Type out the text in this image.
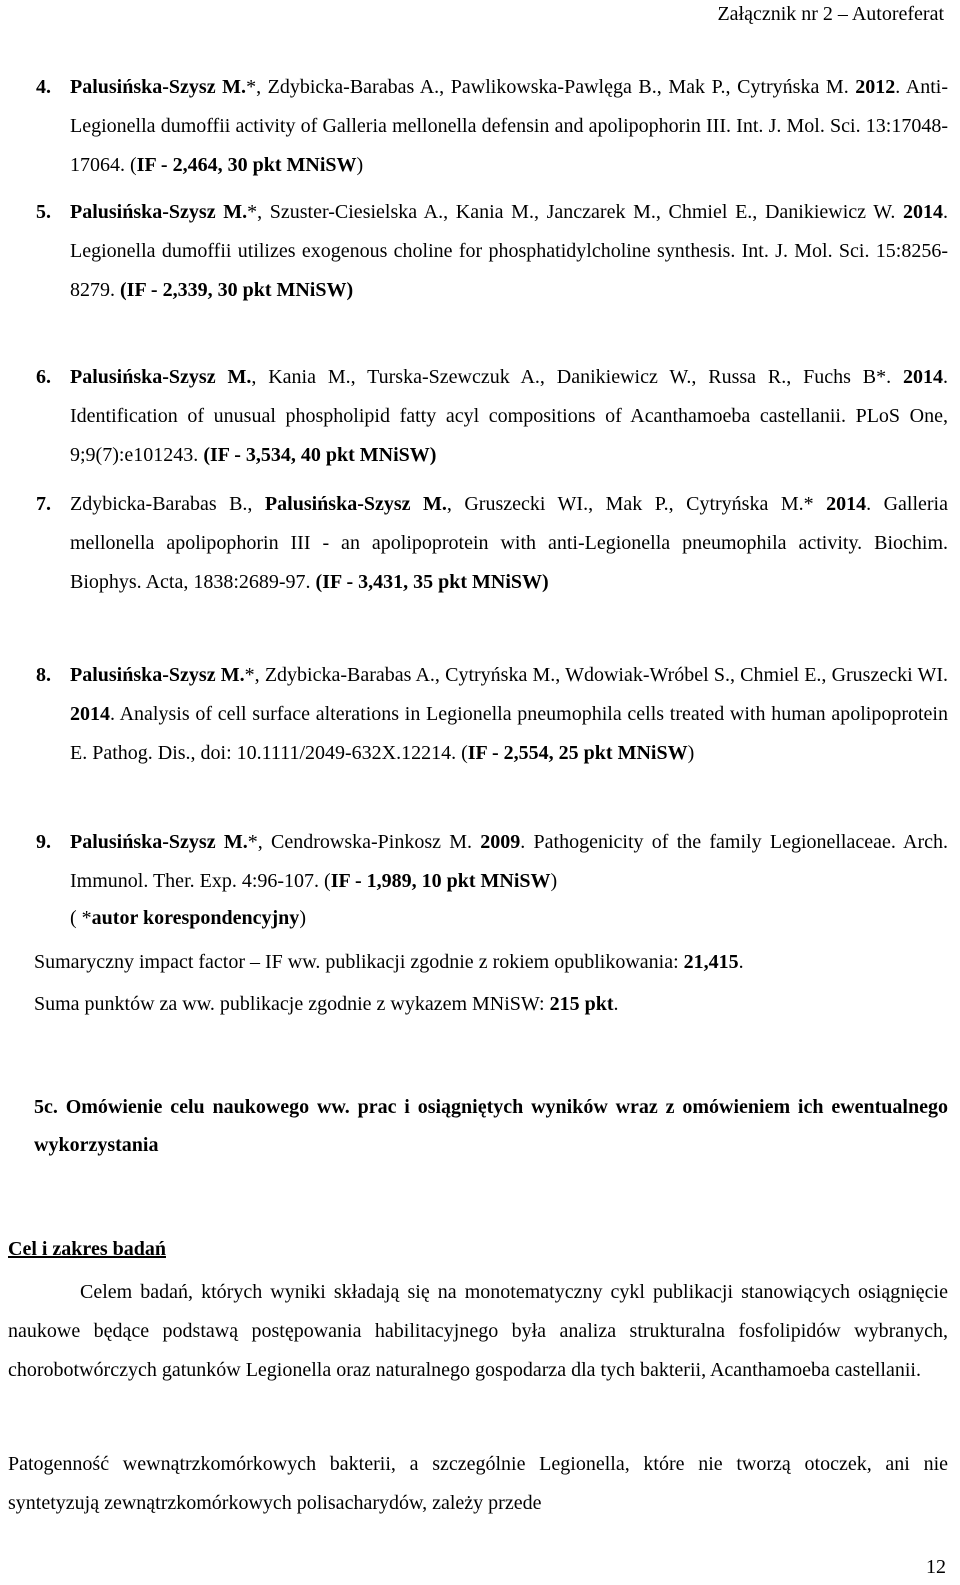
Załącznik nr 2 – Autoreferat
4. Palusińska-Szysz M.*, Zdybicka-Barabas A., Pawlikowska-Pawlęga B., Mak P., Cytryńska M. 2012. Anti-Legionella dumoffii activity of Galleria mellonella defensin and apolipophorin III. Int. J. Mol. Sci. 13:17048-17064. (IF - 2,464, 30 pkt MNiSW)
5. Palusińska-Szysz M.*, Szuster-Ciesielska A., Kania M., Janczarek M., Chmiel E., Danikiewicz W. 2014. Legionella dumoffii utilizes exogenous choline for phosphatidylcholine synthesis. Int. J. Mol. Sci. 15:8256-8279. (IF - 2,339, 30 pkt MNiSW)
6. Palusińska-Szysz M., Kania M., Turska-Szewczuk A., Danikiewicz W., Russa R., Fuchs B*. 2014. Identification of unusual phospholipid fatty acyl compositions of Acanthamoeba castellanii. PLoS One, 9;9(7):e101243. (IF - 3,534, 40 pkt MNiSW)
7. Zdybicka-Barabas B., Palusińska-Szysz M., Gruszecki WI., Mak P., Cytryńska M.* 2014. Galleria mellonella apolipophorin III - an apolipoprotein with anti-Legionella pneumophila activity. Biochim. Biophys. Acta, 1838:2689-97. (IF - 3,431, 35 pkt MNiSW)
8. Palusińska-Szysz M.*, Zdybicka-Barabas A., Cytryńska M., Wdowiak-Wróbel S., Chmiel E., Gruszecki WI. 2014. Analysis of cell surface alterations in Legionella pneumophila cells treated with human apolipoprotein E. Pathog. Dis., doi: 10.1111/2049-632X.12214. (IF - 2,554, 25 pkt MNiSW)
9. Palusińska-Szysz M.*, Cendrowska-Pinkosz M. 2009. Pathogenicity of the family Legionellaceae. Arch. Immunol. Ther. Exp. 4:96-107. (IF - 1,989, 10 pkt MNiSW)
( *autor korespondencyjny)
Sumaryczny impact factor – IF ww. publikacji zgodnie z rokiem opublikowania: 21,415.
Suma punktów za ww. publikacje zgodnie z wykazem MNiSW: 215 pkt.
5c. Omówienie celu naukowego ww. prac i osiągniętych wyników wraz z omówieniem ich ewentualnego wykorzystania
Cel i zakres badań
Celem badań, których wyniki składają się na monotematyczny cykl publikacji stanowiących osiągnięcie naukowe będące podstawą postępowania habilitacyjnego była analiza strukturalna fosfolipidów wybranych, chorobotwórczych gatunków Legionella oraz naturalnego gospodarza dla tych bakterii, Acanthamoeba castellanii.
Patogenność wewnątrzkomórkowych bakterii, a szczególnie Legionella, które nie tworzą otoczek, ani nie syntetyzują zewnątrzkomórkowych polisacharydów, zależy przede
12
